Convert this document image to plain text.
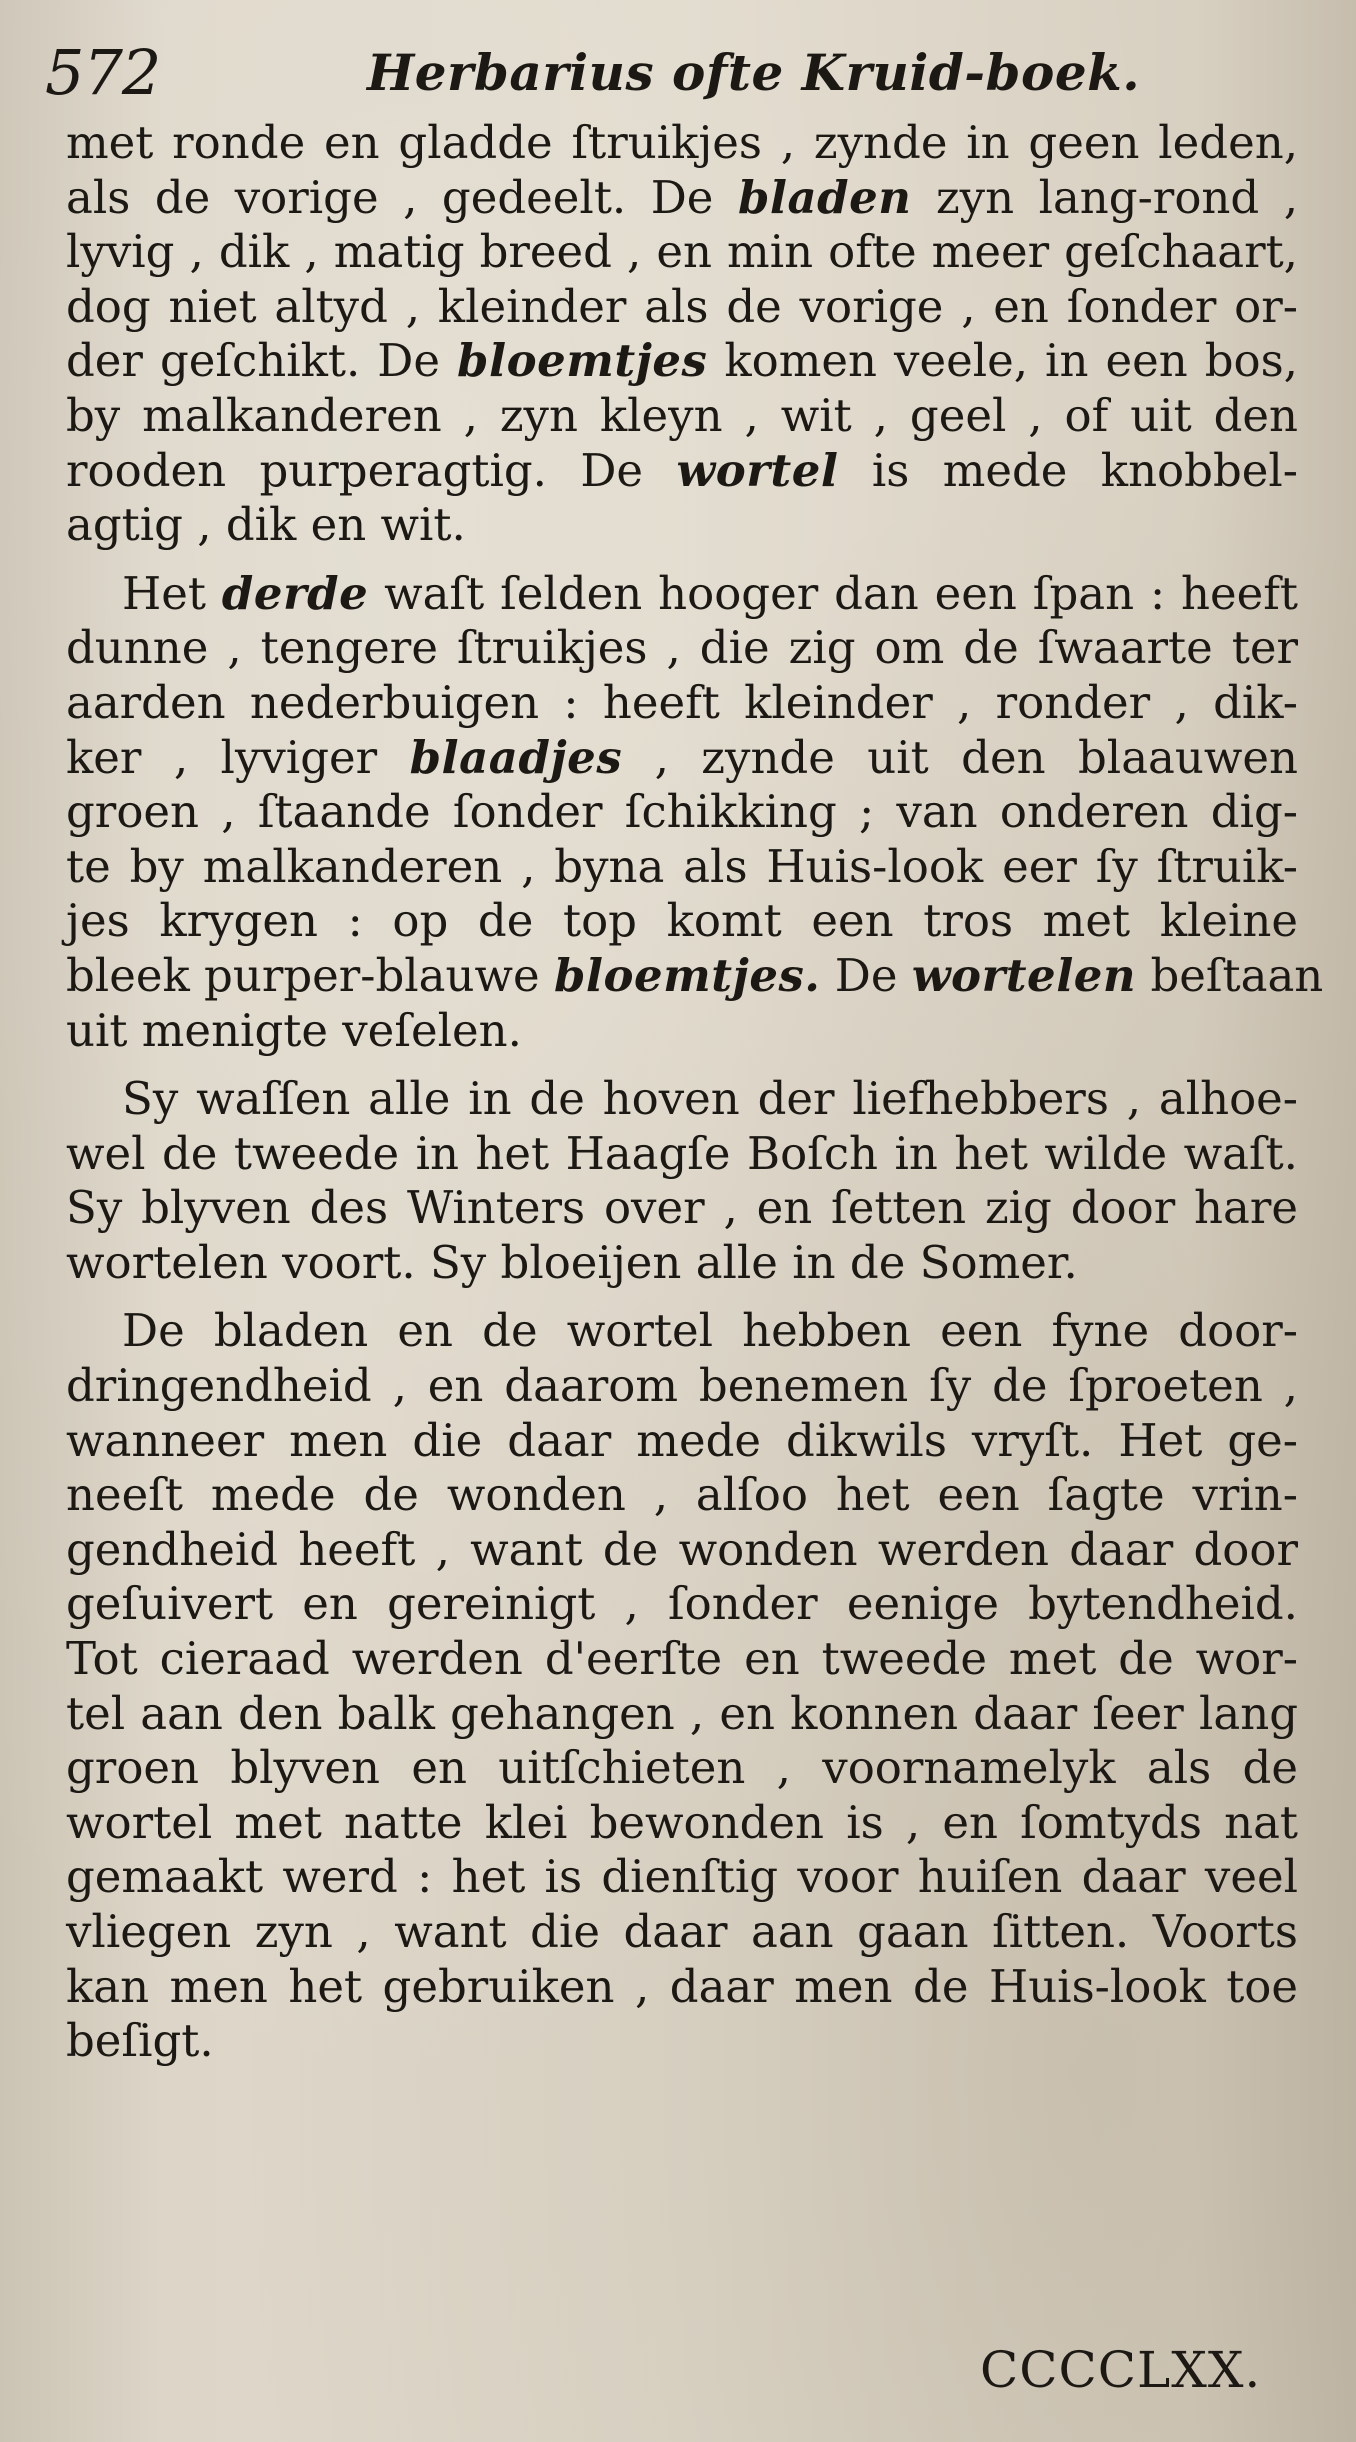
572	Herbarius ofte Kruid-boek.
met ronde en gladde ſtruikjes , zynde in geen leden,
als de vorige , gedeelt. De bladen zyn lang-rond ,
lyvig , dik , matig breed , en min ofte meer geſchaart,
dog niet altyd , kleinder als de vorige , en ſonder or-
der geſchikt. De bloemtjes komen veele, in een bos,
by malkanderen , zyn kleyn , wit , geel , of uit den
rooden purperagtig. De wortel is mede knobbel-
agtig , dik en wit.
Het derde waſt ſelden hooger dan een ſpan : heeft
dunne , tengere ſtruikjes , die zig om de ſwaarte ter
aarden nederbuigen : heeft kleinder , ronder , dik-
ker , lyviger blaadjes , zynde uit den blaauwen
groen , ſtaande ſonder ſchikking ; van onderen dig-
te by malkanderen , byna als Huis-look eer ſy ſtruik-
jes krygen : op de top komt een tros met kleine
bleek purper-blauwe bloemtjes. De wortelen beſtaan
uit menigte veſelen.
Sy waſſen alle in de hoven der liefhebbers , alhoe-
wel de tweede in het Haagſe Boſch in het wilde waſt.
Sy blyven des Winters over , en ſetten zig door hare
wortelen voort. Sy bloeijen alle in de Somer.
De bladen en de wortel hebben een fyne door-
dringendheid , en daarom benemen ſy de ſproeten ,
wanneer men die daar mede dikwils vryſt. Het ge-
neeſt mede de wonden , alſoo het een ſagte vrin-
gendheid heeft , want de wonden werden daar door
geſuivert en gereinigt , ſonder eenige bytendheid.
Tot cieraad werden d'eerſte en tweede met de wor-
tel aan den balk gehangen , en konnen daar ſeer lang
groen blyven en uitſchieten , voornamelyk als de
wortel met natte klei bewonden is , en ſomtyds nat
gemaakt werd : het is dienſtig voor huiſen daar veel
vliegen zyn , want die daar aan gaan ſitten. Voorts
kan men het gebruiken , daar men de Huis-look toe
beſigt.
CCCCLXX.
